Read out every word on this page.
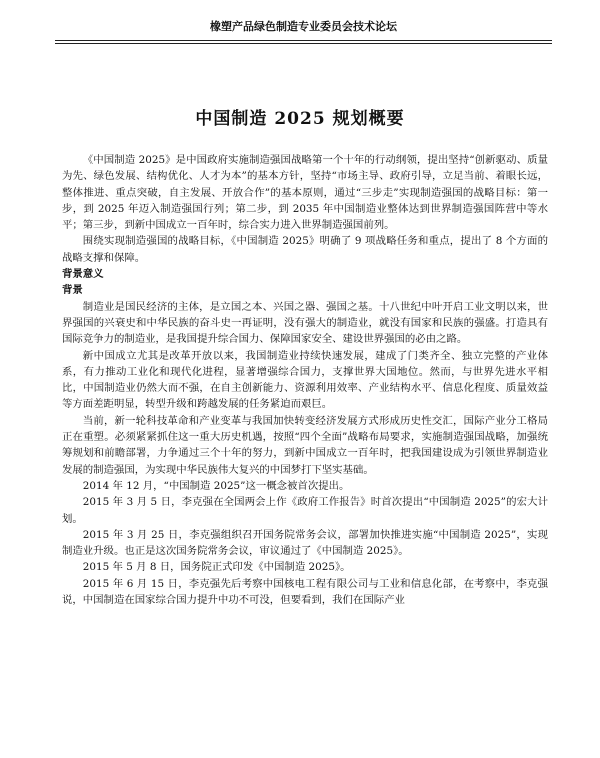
橡塑产品绿色制造专业委员会技术论坛
中国制造 2025 规划概要

《中国制造 2025》是中国政府实施制造强国战略第一个十年的行动纲领，提出坚持“创新驱动、质量为先、绿色发展、结构优化、人才为本”的基本方针，坚持“市场主导、政府引导，立足当前、着眼长远，整体推进、重点突破，自主发展、开放合作”的基本原则，通过“三步走”实现制造强国的战略目标：第一步，到 2025 年迈入制造强国行列；第二步，到 2035 年中国制造业整体达到世界制造强国阵营中等水平；第三步，到新中国成立一百年时，综合实力进入世界制造强国前列。

围绕实现制造强国的战略目标，《中国制造 2025》明确了 9 项战略任务和重点，提出了 8 个方面的战略支撑和保障。

背景意义

背景

制造业是国民经济的主体，是立国之本、兴国之器、强国之基。十八世纪中叶开启工业文明以来，世界强国的兴衰史和中华民族的奋斗史一再证明，没有强大的制造业，就没有国家和民族的强盛。打造具有国际竞争力的制造业，是我国提升综合国力、保障国家安全、建设世界强国的必由之路。

新中国成立尤其是改革开放以来，我国制造业持续快速发展，建成了门类齐全、独立完整的产业体系，有力推动工业化和现代化进程，显著增强综合国力，支撑世界大国地位。然而，与世界先进水平相比，中国制造业仍然大而不强，在自主创新能力、资源利用效率、产业结构水平、信息化程度、质量效益等方面差距明显，转型升级和跨越发展的任务紧迫而艰巨。

当前，新一轮科技革命和产业变革与我国加快转变经济发展方式形成历史性交汇，国际产业分工格局正在重塑。必须紧紧抓住这一重大历史机遇，按照“四个全面”战略布局要求，实施制造强国战略，加强统筹规划和前瞻部署，力争通过三个十年的努力，到新中国成立一百年时，把我国建设成为引领世界制造业发展的制造强国，为实现中华民族伟大复兴的中国梦打下坚实基础。

2014 年 12 月，“中国制造 2025”这一概念被首次提出。

2015 年 3 月 5 日，李克强在全国两会上作《政府工作报告》时首次提出“中国制造 2025”的宏大计划。

2015 年 3 月 25 日，李克强组织召开国务院常务会议，部署加快推进实施“中国制造 2025”，实现制造业升级。也正是这次国务院常务会议，审议通过了《中国制造 2025》。

2015 年 5 月 8 日，国务院正式印发《中国制造 2025》。

2015 年 6 月 15 日，李克强先后考察中国核电工程有限公司与工业和信息化部，在考察中，李克强说，中国制造在国家综合国力提升中功不可没，但要看到，我们在国际产业
